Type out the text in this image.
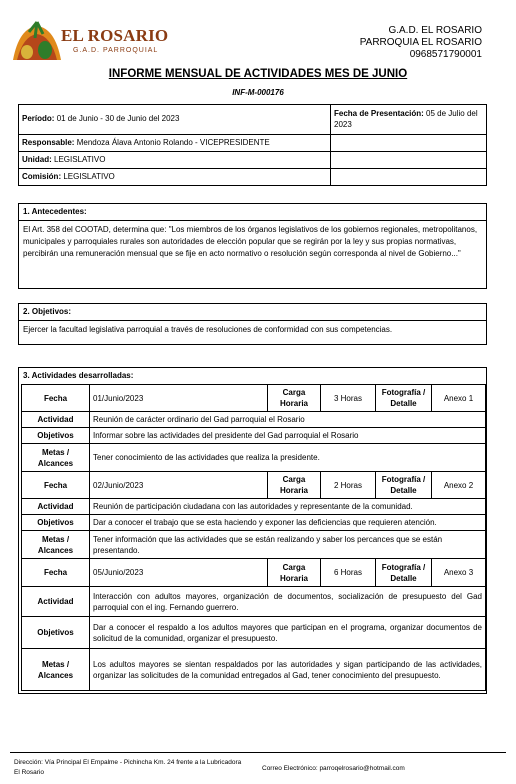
EL ROSARIO
G.A.D. PARROQUIAL
G.A.D. EL ROSARIO
PARROQUIA EL ROSARIO
0968571790001
INFORME MENSUAL DE ACTIVIDADES MES DE JUNIO
INF-M-000176
Período: 01 de Junio - 30 de Junio del 2023	Fecha de Presentación: 05 de Julio del 2023
Responsable: Mendoza Álava Antonio Rolando - VICEPRESIDENTE	
Unidad: LEGISLATIVO	
Comisión: LEGISLATIVO	
1. Antecedentes:
El Art. 358 del COOTAD, determina que: "Los miembros de los órganos legislativos de los gobiernos regionales, metropolitanos, municipales y parroquiales rurales son autoridades de elección popular que se regirán por la ley y sus propias normativas, percibirán una remuneración mensual que se fije en acto normativo o resolución según corresponda al nivel de Gobierno..."
2. Objetivos:
Ejercer la facultad legislativa parroquial a través de resoluciones de conformidad con sus competencias.
3. Actividades desarrolladas:
Fecha	01/Junio/2023	Carga Horaria	3 Horas	Fotografía / Detalle	Anexo 1
Actividad	Reunión de carácter ordinario del Gad parroquial el Rosario				
Objetivos	Informar sobre las actividades del presidente del Gad parroquial el Rosario				
Metas / Alcances	Tener conocimiento de las actividades que realiza la presidente.				
Fecha	02/Junio/2023	Carga Horaria	2 Horas	Fotografía / Detalle	Anexo 2
Actividad	Reunión de participación ciudadana con las autoridades y representante de la comunidad.				
Objetivos	Dar a conocer el trabajo que se esta haciendo y exponer las deficiencias que requieren atención.				
Metas / Alcances	Tener información que las actividades que se están realizando y saber los percances que se están presentando.				
Fecha	05/Junio/2023	Carga Horaria	6 Horas	Fotografía / Detalle	Anexo 3
Actividad	Interacción con adultos mayores, organización de documentos, socialización de presupuesto del Gad parroquial con el ing. Fernando guerrero.				
Objetivos	Dar a conocer el respaldo a los adultos mayores que participan en el programa, organizar documentos de solicitud de la comunidad, organizar el presupuesto.				
Metas / Alcances	Los adultos mayores se sientan respaldados por las autoridades y sigan participando de las actividades, organizar las solicitudes de la comunidad entregados al Gad, tener conocimiento del presupuesto.				
Dirección: Vía Principal El Empalme - Pichincha Km. 24 frente a la Lubricadora El Rosario
Correo Electrónico: parroqelrosario@hotmail.com
